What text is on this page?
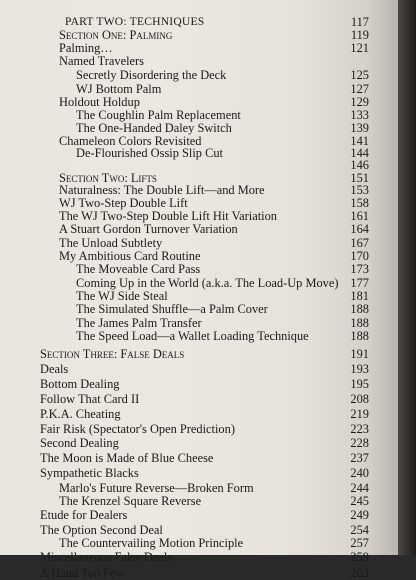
PART TWO: TECHNIQUES	117
Section One: Palming	119
Palming…	121
Named Travelers
Secretly Disordering the Deck	125
WJ Bottom Palm	127
Holdout Holdup	129
The Coughlin Palm Replacement	133
The One-Handed Daley Switch	139
Chameleon Colors Revisited	141
De-Flourished Ossip Slip Cut	144
146
Section Two: Lifts	151
Naturalness: The Double Lift—and More	153
WJ Two-Step Double Lift	158
The WJ Two-Step Double Lift Hit Variation	161
A Stuart Gordon Turnover Variation	164
The Unload Subtlety	167
My Ambitious Card Routine	170
The Moveable Card Pass	173
Coming Up in the World (a.k.a. The Load-Up Move) 177
The WJ Side Steal	181
The Simulated Shuffle—a Palm Cover	188
The James Palm Transfer	188
The Speed Load—a Wallet Loading Technique	188
Section Three: False Deals	191
Deals	193
Bottom Dealing	195
Follow That Card II	208
P.K.A. Cheating	219
Fair Risk (Spectator's Open Prediction)	223
Second Dealing	228
The Moon is Made of Blue Cheese	237
Sympathetic Blacks	240
Marlo's Future Reverse—Broken Form	244
The Krenzel Square Reverse	245
Etude for Dealers	249
The Option Second Deal	254
The Countervailing Motion Principle	257
Miscellaneous False Deals	259
A Hand Too Few	263
